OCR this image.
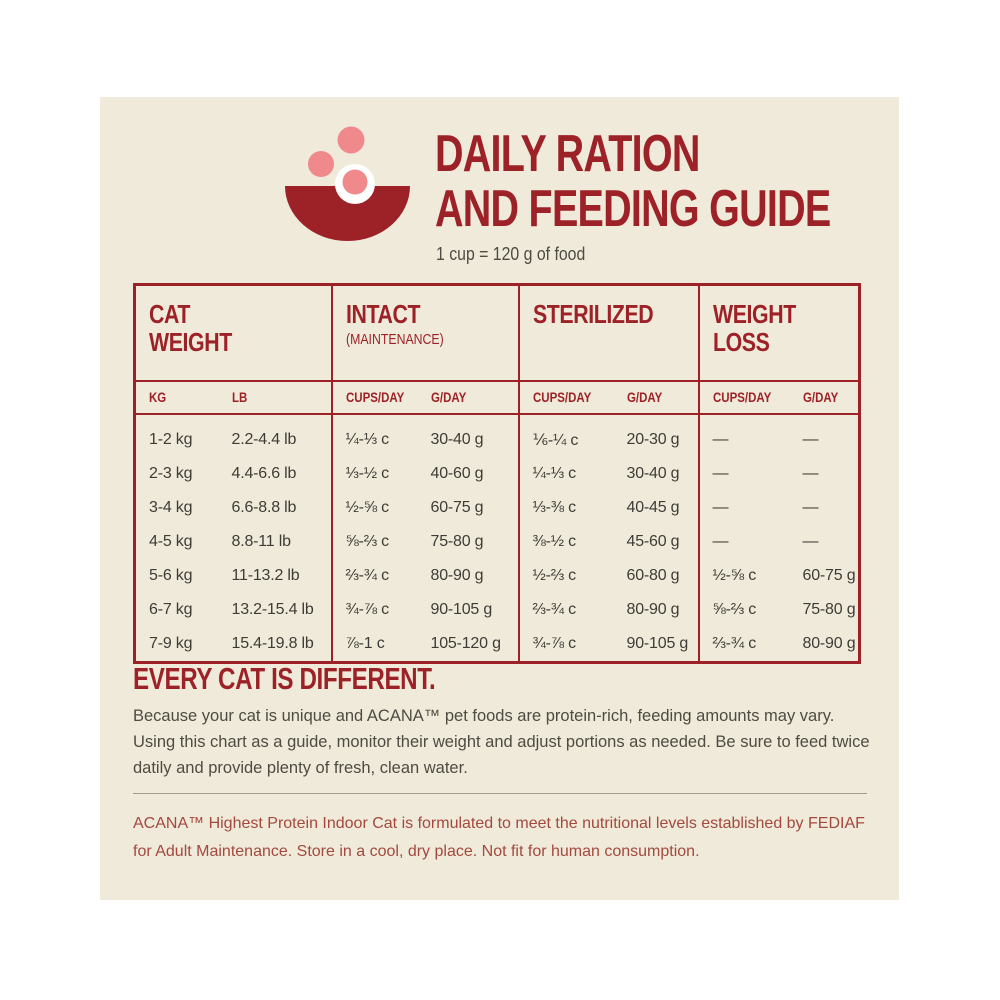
DAILY RATION
AND FEEDING GUIDE
1 cup = 120 g of food
CAT WEIGHT		INTACT
(MAINTENANCE)		STERILIZED		WEIGHT LOSS	
KG	LB	CUPS/DAY	G/DAY	CUPS/DAY	G/DAY	CUPS/DAY	G/DAY
1-2 kg	2.2-4.4 lb	¼-⅓ c	30-40 g	⅙-¼ c	20-30 g	—	—
2-3 kg	4.4-6.6 lb	⅓-½ c	40-60 g	¼-⅓ c	30-40 g	—	—
3-4 kg	6.6-8.8 lb	½-⅝ c	60-75 g	⅓-⅜ c	40-45 g	—	—
4-5 kg	8.8-11 lb	⅝-⅔ c	75-80 g	⅜-½ c	45-60 g	—	—
5-6 kg	11-13.2 lb	⅔-¾ c	80-90 g	½-⅔ c	60-80 g	½-⅝ c	60-75 g
6-7 kg	13.2-15.4 lb	¾-⅞ c	90-105 g	⅔-¾ c	80-90 g	⅝-⅔ c	75-80 g
7-9 kg	15.4-19.8 lb	⅞-1 c	105-120 g	¾-⅞ c	90-105 g	⅔-¾ c	80-90 g
EVERY CAT IS DIFFERENT.
Because your cat is unique and ACANA™ pet foods are protein-rich, feeding amounts may vary. Using this chart as a guide, monitor their weight and adjust portions as needed. Be sure to feed twice datily and provide plenty of fresh, clean water.
ACANA™ Highest Protein Indoor Cat is formulated to meet the nutritional levels established by FEDIAF for Adult Maintenance. Store in a cool, dry place. Not fit for human consumption.
